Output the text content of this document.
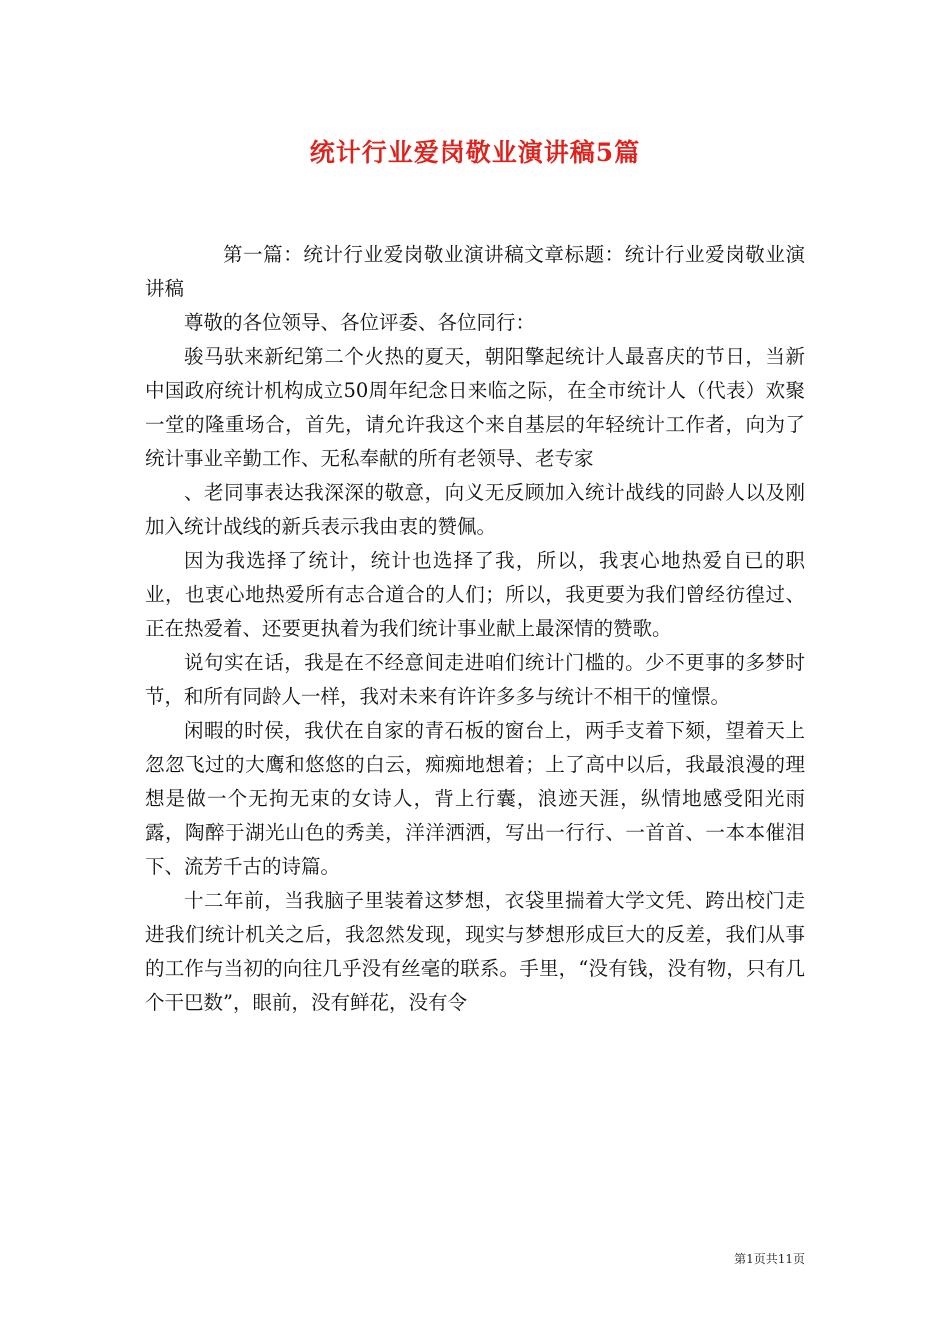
统计行业爱岗敬业演讲稿5篇

第一篇：统计行业爱岗敬业演讲稿文章标题：统计行业爱岗敬业演讲稿

尊敬的各位领导、各位评委、各位同行：

骏马驮来新纪第二个火热的夏天，朝阳擎起统计人最喜庆的节日，当新中国政府统计机构成立50周年纪念日来临之际，在全市统计人（代表）欢聚一堂的隆重场合，首先，请允许我这个来自基层的年轻统计工作者，向为了统计事业辛勤工作、无私奉献的所有老领导、老专家

、老同事表达我深深的敬意，向义无反顾加入统计战线的同龄人以及刚加入统计战线的新兵表示我由衷的赞佩。

因为我选择了统计，统计也选择了我，所以，我衷心地热爱自已的职业，也衷心地热爱所有志合道合的人们；所以，我更要为我们曾经彷徨过、正在热爱着、还要更执着为我们统计事业献上最深情的赞歌。

说句实在话，我是在不经意间走进咱们统计门槛的。少不更事的多梦时节，和所有同龄人一样，我对未来有许许多多与统计不相干的憧憬。

闲暇的时侯，我伏在自家的青石板的窗台上，两手支着下颏，望着天上忽忽飞过的大鹰和悠悠的白云，痴痴地想着；上了高中以后，我最浪漫的理想是做一个无拘无束的女诗人，背上行囊，浪迹天涯，纵情地感受阳光雨露，陶醉于湖光山色的秀美，洋洋洒洒，写出一行行、一首首、一本本催泪下、流芳千古的诗篇。

十二年前，当我脑子里装着这梦想，衣袋里揣着大学文凭、跨出校门走进我们统计机关之后，我忽然发现，现实与梦想形成巨大的反差，我们从事的工作与当初的向往几乎没有丝毫的联系。手里，“没有钱，没有物，只有几个干巴数”，眼前，没有鲜花，没有令

第1页共11页
